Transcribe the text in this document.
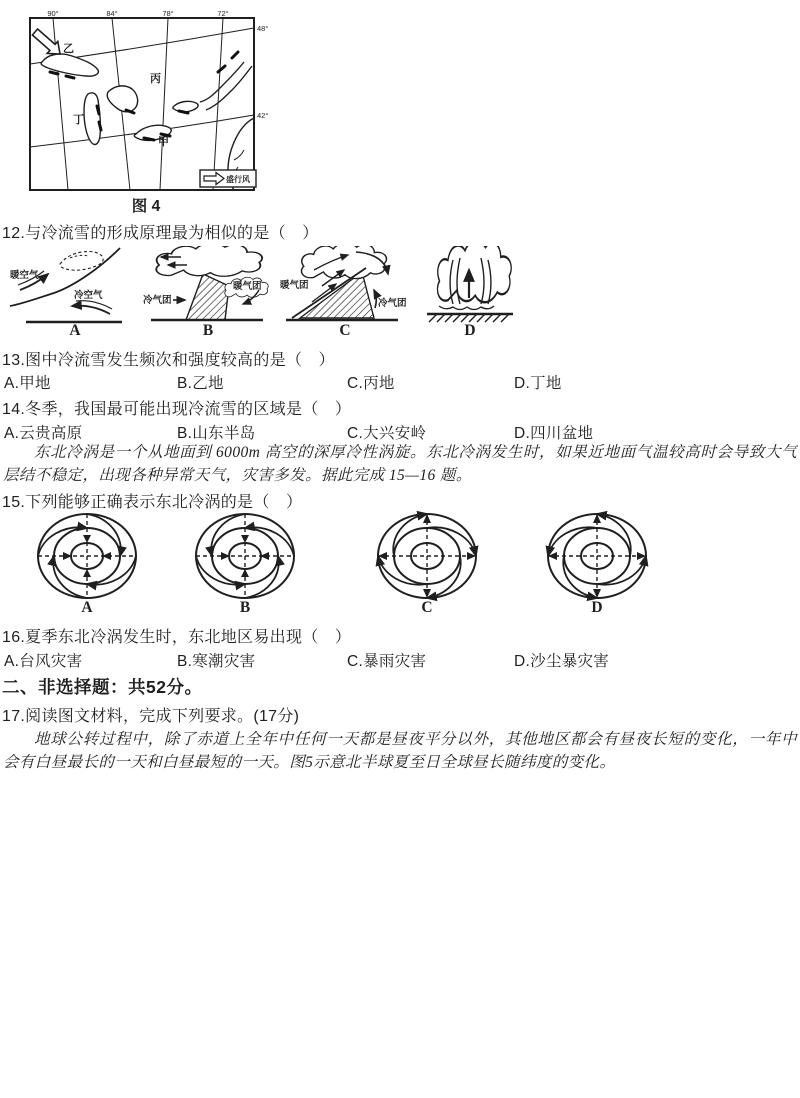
90°	84°	78°	72°
48°
42°
乙
丙
丁
甲
盛行风
图 4
12.与冷流雪的形成原理最为相似的是（　）
暖空气
冷空气
A
冷气团
暖气团
B
暖气团
冷气团
C	D
13.图中冷流雪发生频次和强度较高的是（　）

A.甲地

	B.乙地

	C.丙地

	D.丁地

14.冬季，我国最可能出现冷流雪的区域是（　）

A.云贵高原

	B.山东半岛

	C.大兴安岭

	D.四川盆地

东北冷涡是一个从地面到 6000m 高空的深厚冷性涡旋。东北冷涡发生时，如果近地面气温较高时会导致大气层结不稳定，出现各种异常天气，灾害多发。据此完成 15—16 题。
15.下列能够正确表示东北冷涡的是（　）
A	B	C	D
16.夏季东北冷涡发生时，东北地区易出现（　）

A.台风灾害

	B.寒潮灾害

	C.暴雨灾害

	D.沙尘暴灾害

二、非选择题：共52分。
17.阅读图文材料，完成下列要求。(17分)
地球公转过程中，除了赤道上全年中任何一天都是昼夜平分以外，其他地区都会有昼夜长短的变化，一年中会有白昼最长的一天和白昼最短的一天。图5示意北半球夏至日全球昼长随纬度的变化。
